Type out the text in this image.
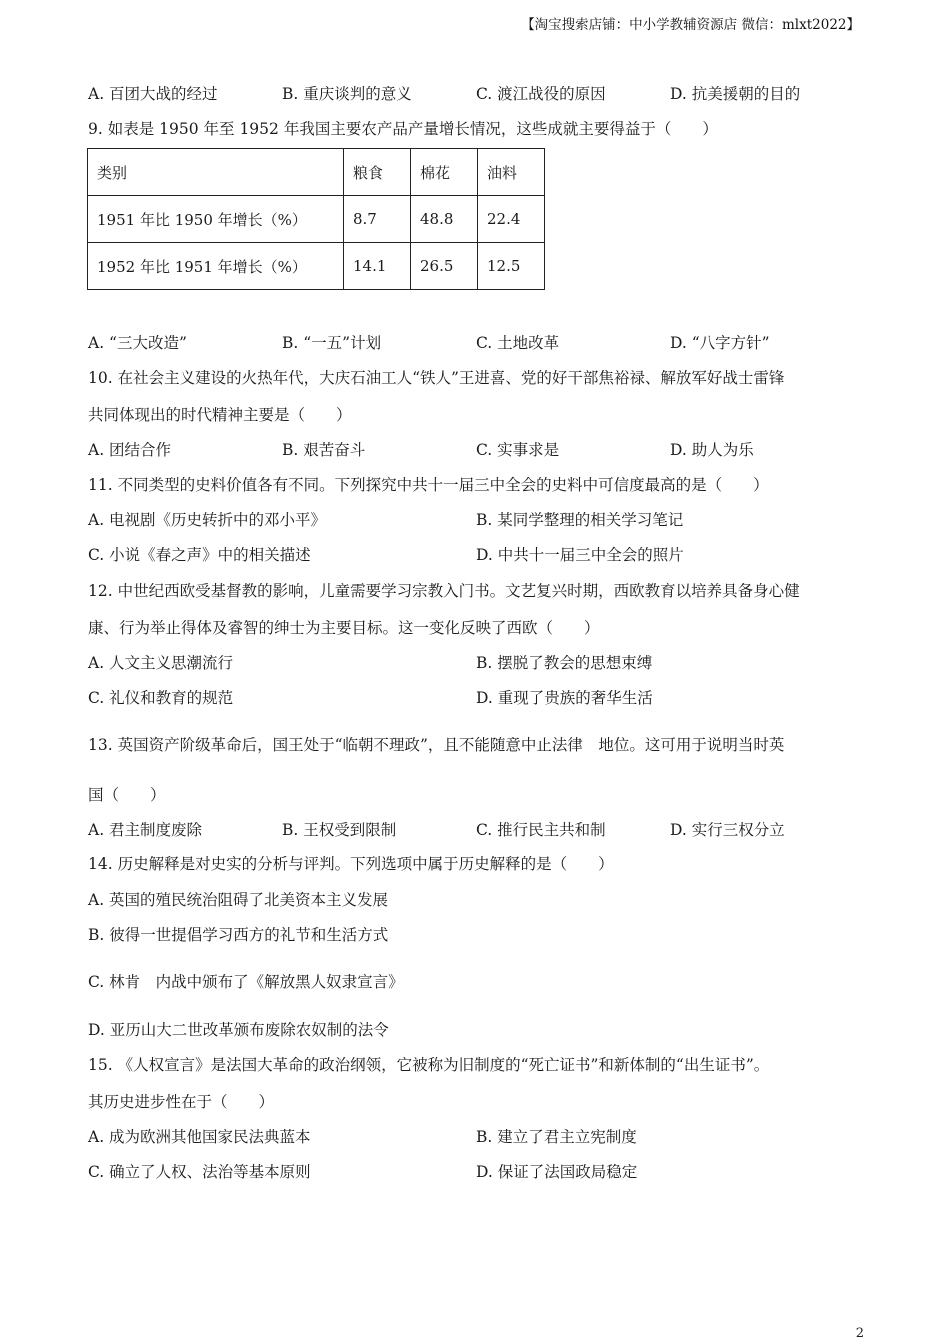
【淘宝搜索店铺：中小学教辅资源店 微信：mlxt2022】
A. 百团大战的经过	B. 重庆谈判的意义	C. 渡江战役的原因	D. 抗美援朝的目的
9. 如表是 1950 年至 1952 年我国主要农产品产量增长情况，这些成就主要得益于（　　）
类别	粮食	棉花	油料
1951 年比 1950 年增长（%）	8.7	48.8	22.4
1952 年比 1951 年增长（%）	14.1	26.5	12.5
A. “三大改造”	B. “一五”计划	C. 土地改革	D. “八字方针”
10. 在社会主义建设的火热年代，大庆石油工人“铁人”王进喜、党的好干部焦裕禄、解放军好战士雷锋
共同体现出的时代精神主要是（　　）
A. 团结合作	B. 艰苦奋斗	C. 实事求是	D. 助人为乐
11. 不同类型的史料价值各有不同。下列探究中共十一届三中全会的史料中可信度最高的是（　　）
A. 电视剧《历史转折中的邓小平》	B. 某同学整理的相关学习笔记
C. 小说《春之声》中的相关描述	D. 中共十一届三中全会的照片
12. 中世纪西欧受基督教的影响，儿童需要学习宗教入门书。文艺复兴时期，西欧教育以培养具备身心健
康、行为举止得体及睿智的绅士为主要目标。这一变化反映了西欧（　　）
A. 人文主义思潮流行	B. 摆脱了教会的思想束缚
C. 礼仪和教育的规范	D. 重现了贵族的奢华生活
13. 英国资产阶级革命后，国王处于“临朝不理政”，且不能随意中止法律　地位。这可用于说明当时英
国（　　）
A. 君主制度废除	B. 王权受到限制	C. 推行民主共和制	D. 实行三权分立
14. 历史解释是对史实的分析与评判。下列选项中属于历史解释的是（　　）
A. 英国的殖民统治阻碍了北美资本主义发展
B. 彼得一世提倡学习西方的礼节和生活方式
C. 林肯　内战中颁布了《解放黑人奴隶宣言》
D. 亚历山大二世改革颁布废除农奴制的法令
15. 《人权宣言》是法国大革命的政治纲领，它被称为旧制度的“死亡证书”和新体制的“出生证书”。
其历史进步性在于（　　）
A. 成为欧洲其他国家民法典蓝本	B. 建立了君主立宪制度
C. 确立了人权、法治等基本原则	D. 保证了法国政局稳定
2
